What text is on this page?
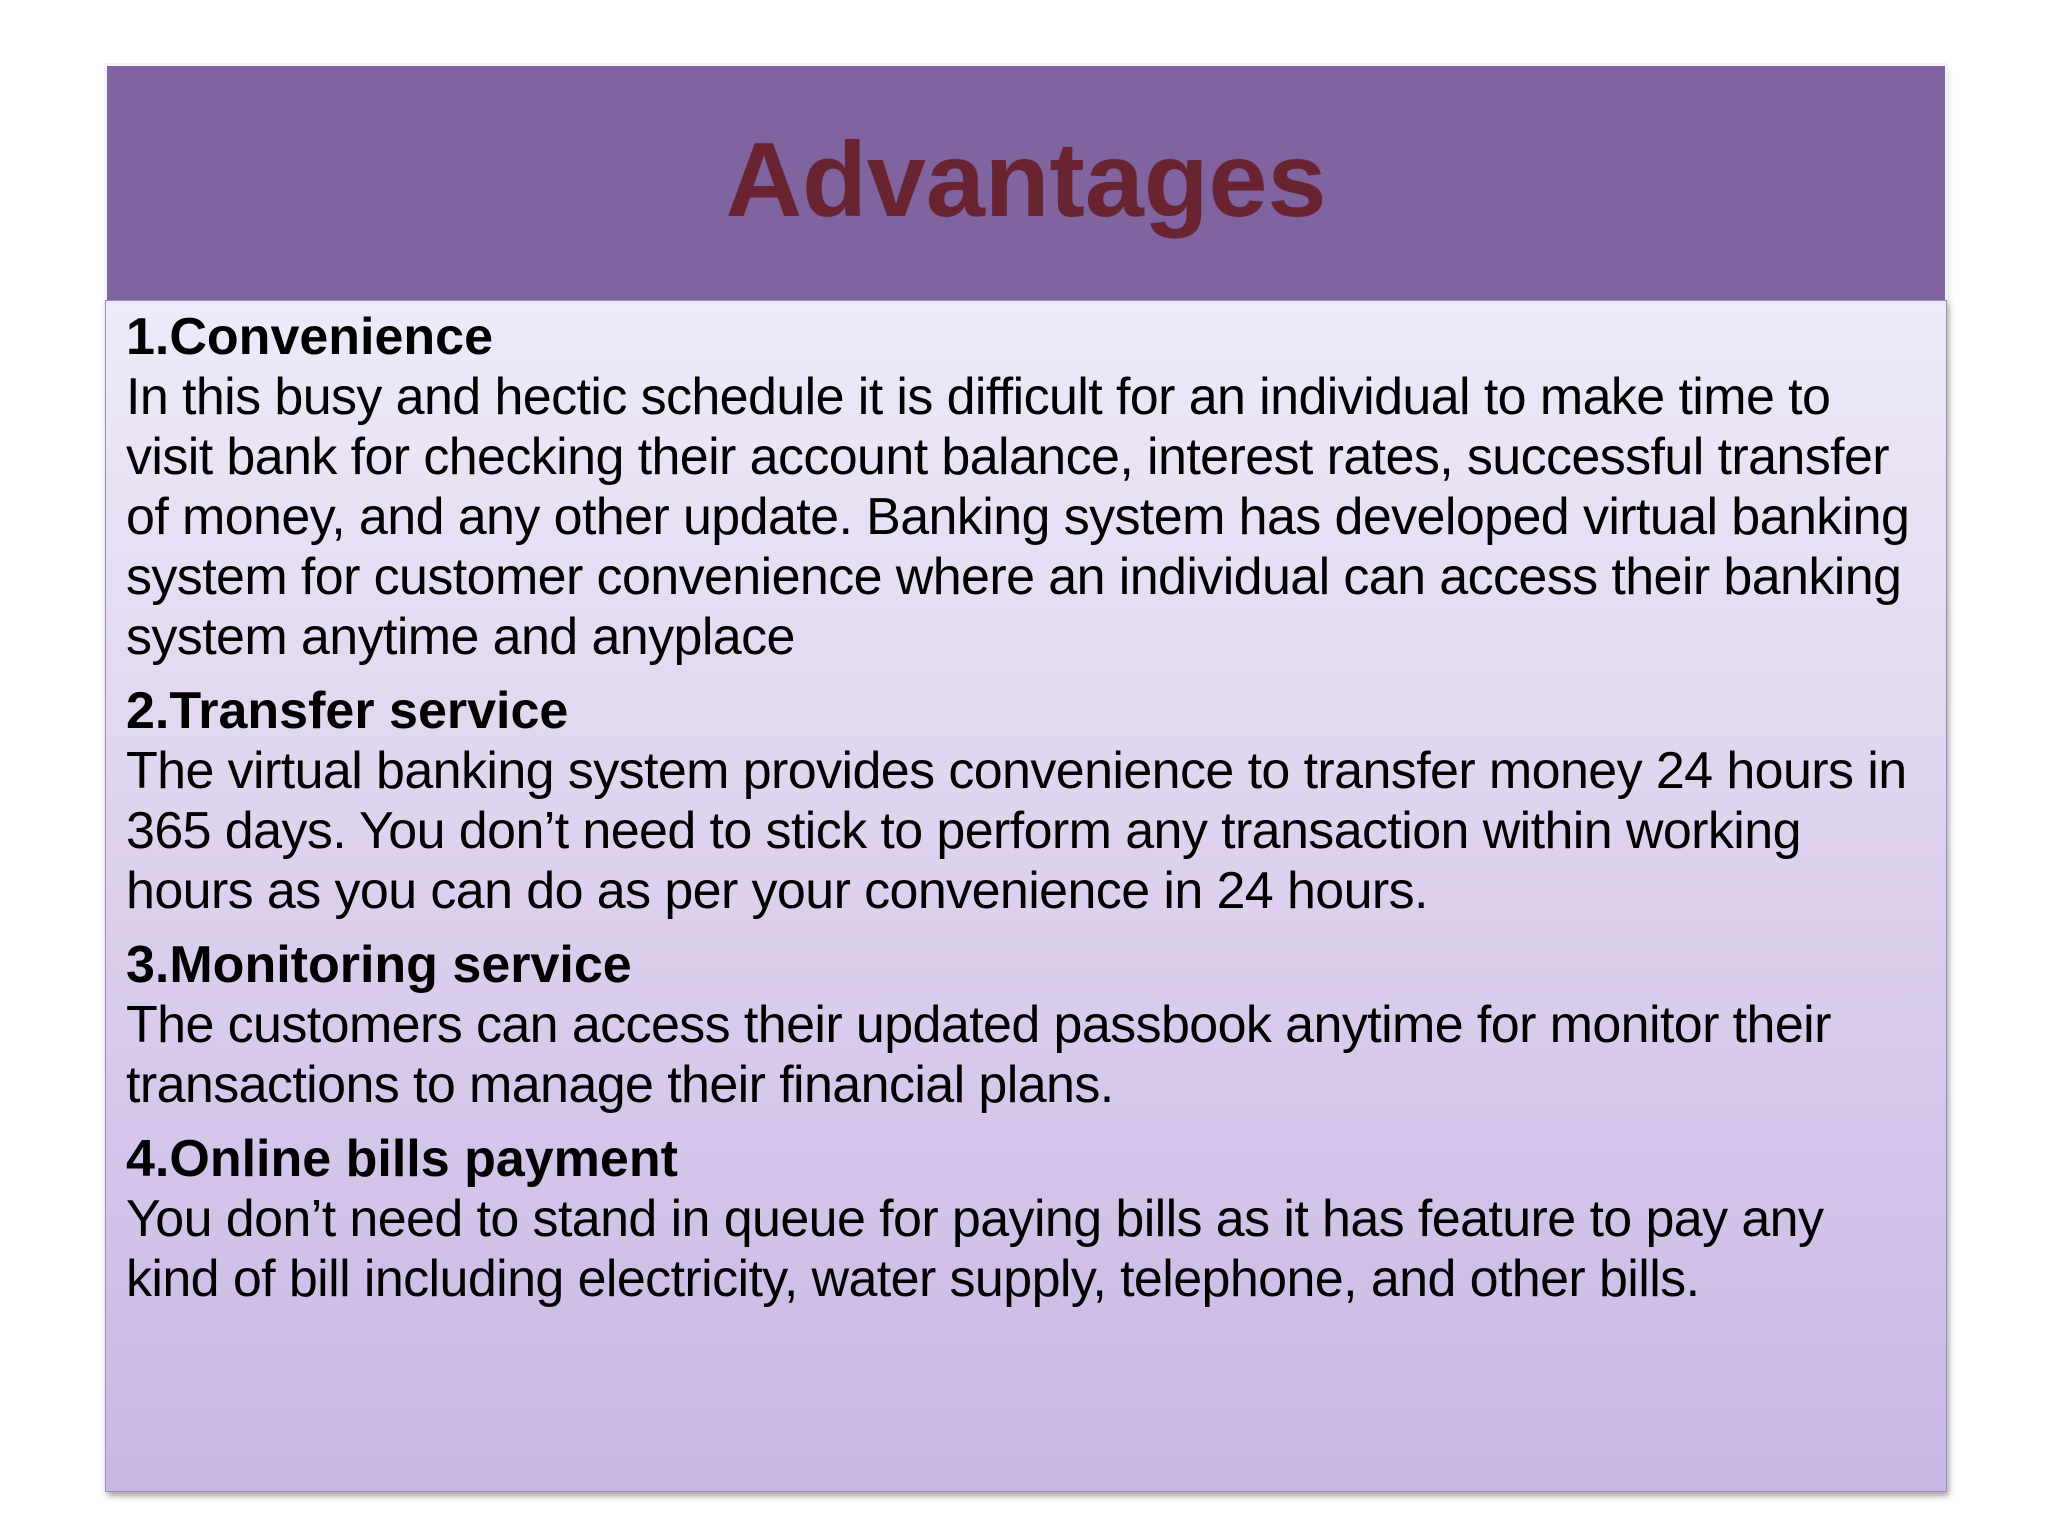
Advantages

1.Convenience

In this busy and hectic schedule it is difficult for an individual to make time to visit bank for checking their account balance, interest rates, successful transfer of money, and any other update. Banking system has developed virtual banking system for customer convenience where an individual can access their banking system anytime and anyplace

2.Transfer service

The virtual banking system provides convenience to transfer money 24 hours in 365 days. You don’t need to stick to perform any transaction within working hours as you can do as per your convenience in 24 hours.

3.Monitoring service

The customers can access their updated passbook anytime for monitor their transactions to manage their financial plans.

4.Online bills payment

You don’t need to stand in queue for paying bills as it has feature to pay any kind of bill including electricity, water supply, telephone, and other bills.
